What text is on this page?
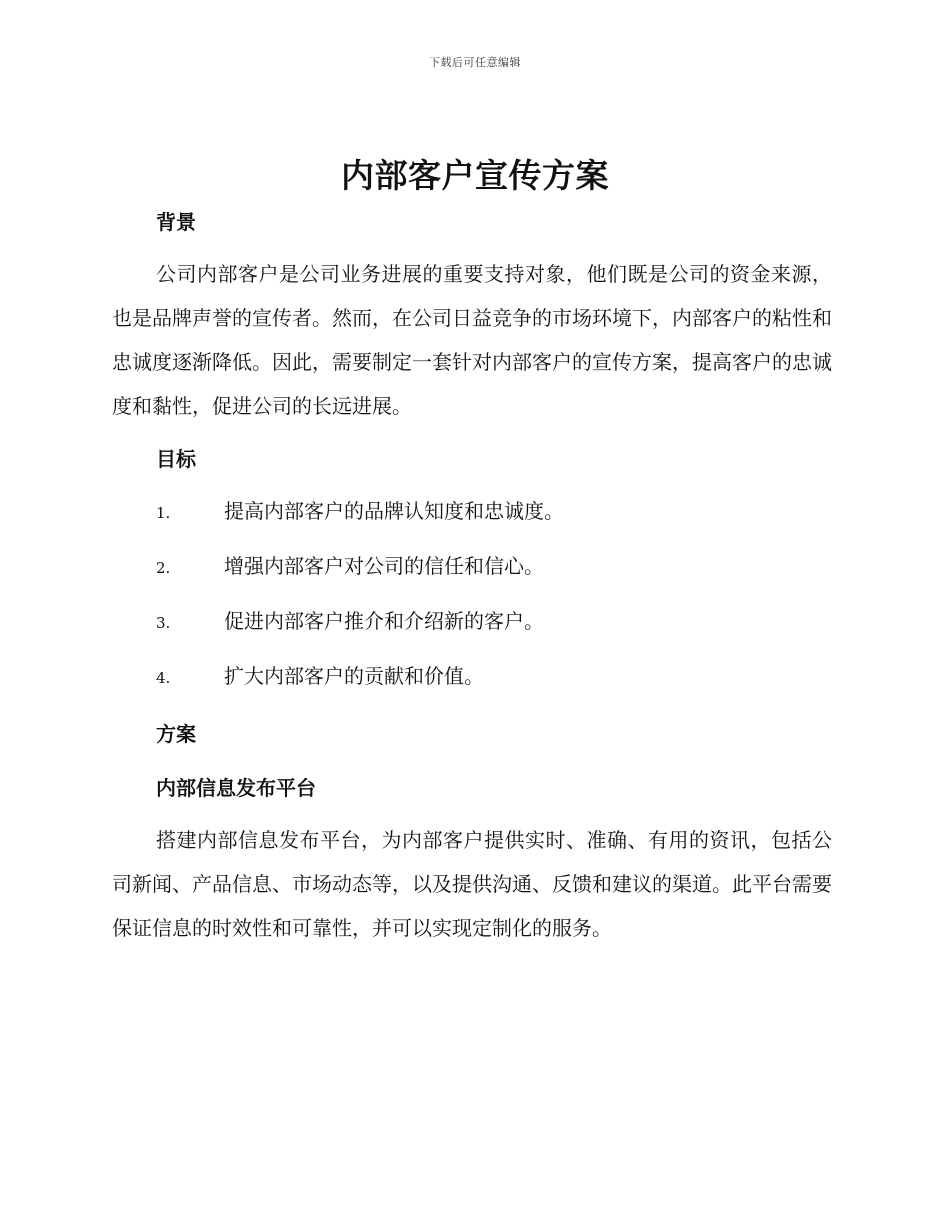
下载后可任意编辑
内部客户宣传方案
背景

公司内部客户是公司业务进展的重要支持对象，他们既是公司的资金来源，也是品牌声誉的宣传者。然而，在公司日益竞争的市场环境下，内部客户的粘性和忠诚度逐渐降低。因此，需要制定一套针对内部客户的宣传方案，提高客户的忠诚度和黏性，促进公司的长远进展。

目标
1.	提高内部客户的品牌认知度和忠诚度。
2.	增强内部客户对公司的信任和信心。
3.	促进内部客户推介和介绍新的客户。
4.	扩大内部客户的贡献和价值。
方案
内部信息发布平台

搭建内部信息发布平台，为内部客户提供实时、准确、有用的资讯，包括公司新闻、产品信息、市场动态等，以及提供沟通、反馈和建议的渠道。此平台需要保证信息的时效性和可靠性，并可以实现定制化的服务。
